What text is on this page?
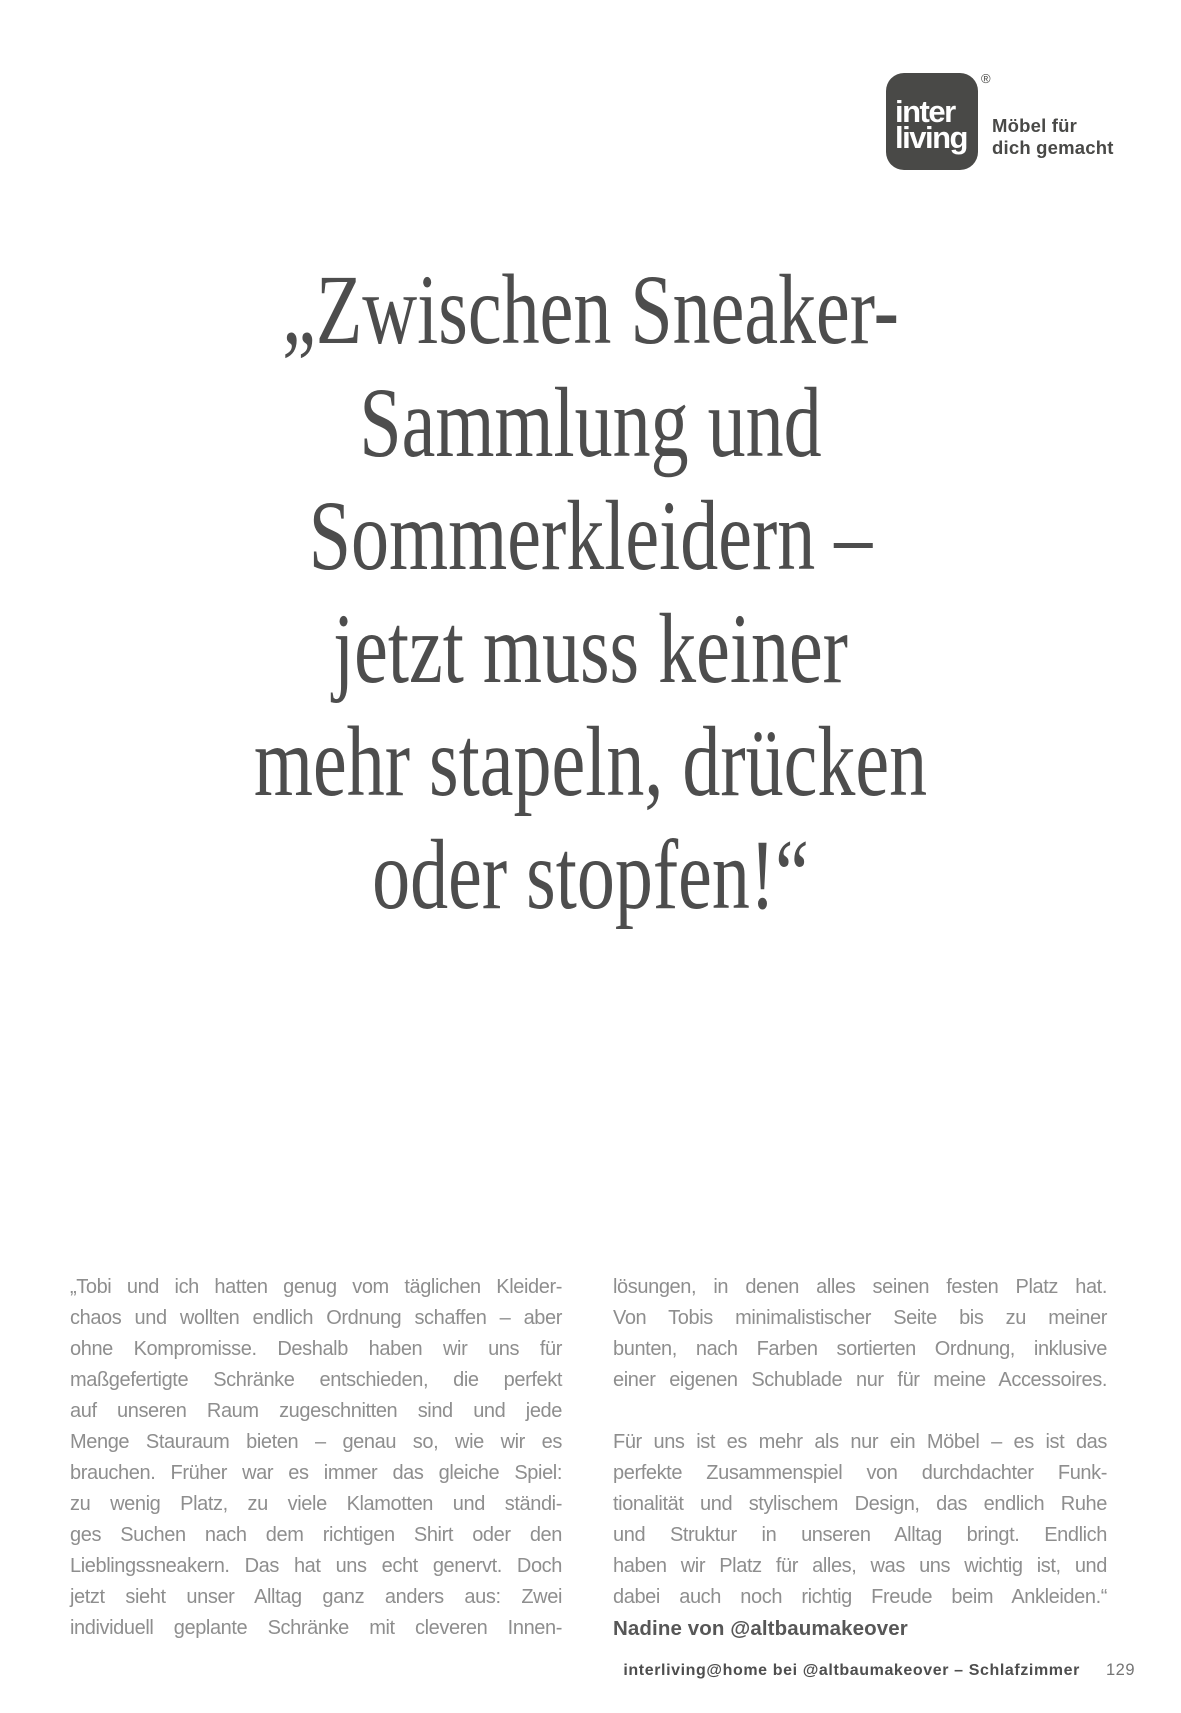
inter
living
®
Möbel für
dich gemacht
„Zwischen Sneaker-
Sammlung und
Sommerkleidern –
jetzt muss keiner
mehr stapeln, drücken
oder stopfen!“
„Tobi und ich hatten genug vom täglichen Kleider-
chaos und wollten endlich Ordnung schaffen – aber
ohne Kompromisse. Deshalb haben wir uns für
maßgefertigte Schränke entschieden, die perfekt
auf unseren Raum zugeschnitten sind und jede
Menge Stauraum bieten – genau so, wie wir es
brauchen. Früher war es immer das gleiche Spiel:
zu wenig Platz, zu viele Klamotten und ständi-
ges Suchen nach dem richtigen Shirt oder den
Lieblingssneakern. Das hat uns echt genervt. Doch
jetzt sieht unser Alltag ganz anders aus: Zwei
individuell geplante Schränke mit cleveren Innen-
lösungen, in denen alles seinen festen Platz hat.
Von Tobis minimalistischer Seite bis zu meiner
bunten, nach Farben sortierten Ordnung, inklusive
einer eigenen Schublade nur für meine Accessoires.
Für uns ist es mehr als nur ein Möbel – es ist das
perfekte Zusammenspiel von durchdachter Funk-
tionalität und stylischem Design, das endlich Ruhe
und Struktur in unseren Alltag bringt. Endlich
haben wir Platz für alles, was uns wichtig ist, und
dabei auch noch richtig Freude beim Ankleiden.“
Nadine von @altbaumakeover
interliving@home bei @altbaumakeover – Schlafzimmer 129
